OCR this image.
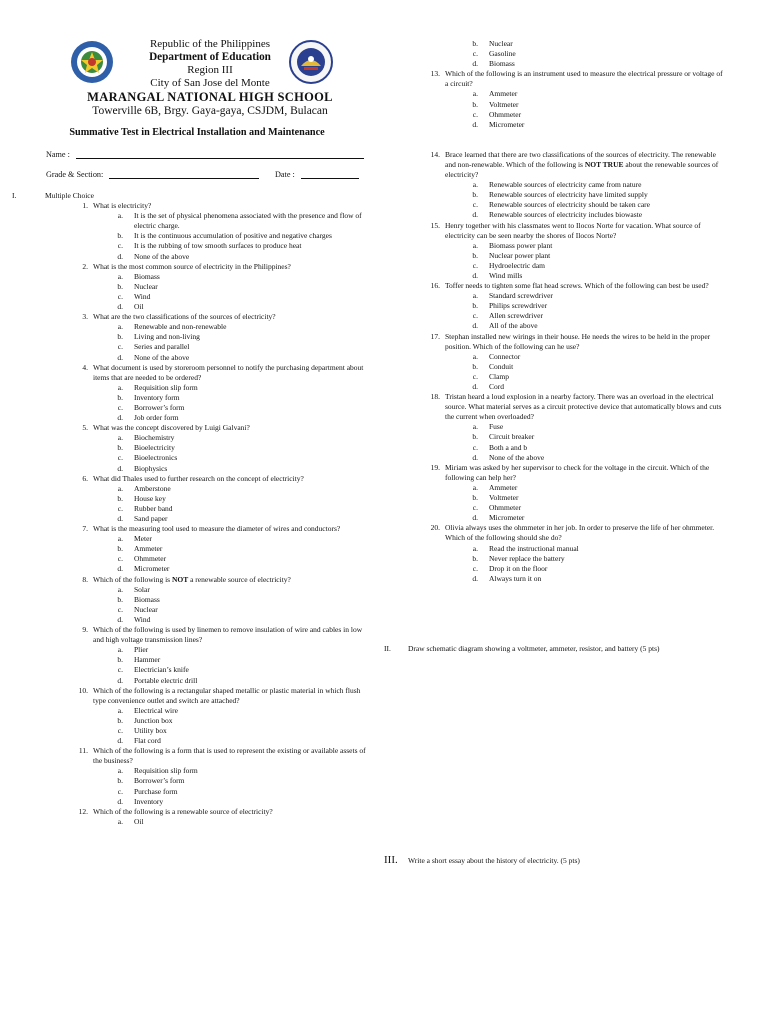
Republic of the Philippines
Department of Education
Region III
City of San Jose del Monte
MARANGAL NATIONAL HIGH SCHOOL
Towerville 6B, Brgy. Gaya-gaya, CSJDM, Bulacan
Summative Test in Electrical Installation and Maintenance
Name :
Grade & Section:	Date :
I.	Multiple Choice
1. What is electricity?
a.	It is the set of physical phenomena associated with the presence and flow of electric charge.
b.	It is the continuous accumulation of positive and negative charges
c.	It is the rubbing of tow smooth surfaces to produce heat
d.	None of the above
2. What is the most common source of electricity in the Philippines?
a.	Biomass
b.	Nuclear
c.	Wind
d.	Oil
3. What are the two classifications of the sources of electricity?
a.	Renewable and non-renewable
b.	Living and non-living
c.	Series and parallel
d.	None of the above
4. What document is used by storeroom personnel to notify the purchasing department about items that are needed to be ordered?
a.	Requisition slip form
b.	Inventory form
c.	Borrower’s form
d.	Job order form
5. What was the concept discovered by Luigi Galvani?
a.	Biochemistry
b.	Bioelectricity
c.	Bioelectronics
d.	Biophysics
6. What did Thales used to further research on the concept of electricity?
a.	Amberstone
b.	House key
c.	Rubber band
d.	Sand paper
7. What is the measuring tool used to measure the diameter of wires and conductors?
a.	Meter
b.	Ammeter
c.	Ohmmeter
d.	Micrometer
8. Which of the following is NOT a renewable source of electricity?
a.	Solar
b.	Biomass
c.	Nuclear
d.	Wind
9. Which of the following is used by linemen to remove insulation of wire and cables in low and high voltage transmission lines?
a.	Plier
b.	Hammer
c.	Electrician’s knife
d.	Portable electric drill
10. Which of the following is a rectangular shaped metallic or plastic material in which flush type convenience outlet and switch are attached?
a.	Electrical wire
b.	Junction box
c.	Utility box
d.	Flat cord
11. Which of the following is a form that is used to represent the existing or available assets of the business?
a.	Requisition slip form
b.	Borrower’s form
c.	Purchase form
d.	Inventory
12. Which of the following is a renewable source of electricity?
a.	Oil
b.	Nuclear
c.	Gasoline
d.	Biomass
13. Which of the following is an instrument used to measure the electrical pressure or voltage of a circuit?
a.	Ammeter
b.	Voltmeter
c.	Ohmmeter
d.	Micrometer
14. Brace learned that there are two classifications of the sources of electricity. The renewable and non-renewable. Which of the following is NOT TRUE about the renewable sources of electricity?
a.	Renewable sources of electricity came from nature
b.	Renewable sources of electricity have limited supply
c.	Renewable sources of electricity should be taken care
d.	Renewable sources of electricity includes biowaste
15. Henry together with his classmates went to Ilocos Norte for vacation. What source of electricity can be seen nearby the shores of Ilocos Norte?
a.	Biomass power plant
b.	Nuclear power plant
c.	Hydroelectric dam
d.	Wind mills
16. Toffer needs to tighten some flat head screws. Which of the following can best be used?
a.	Standard screwdriver
b.	Philips screwdriver
c.	Allen screwdriver
d.	All of the above
17. Stephan installed new wirings in their house. He needs the wires to be held in the proper position. Which of the following can he use?
a.	Connector
b.	Conduit
c.	Clamp
d.	Cord
18. Tristan heard a loud explosion in a nearby factory. There was an overload in the electrical source. What material serves as a circuit protective device that automatically blows and cuts the current when overloaded?
a.	Fuse
b.	Circuit breaker
c.	Both a and b
d.	None of the above
19. Miriam was asked by her supervisor to check for the voltage in the circuit. Which of the following can help her?
a.	Ammeter
b.	Voltmeter
c.	Ohmmeter
d.	Micrometer
20. Olivia always uses the ohmmeter in her job. In order to preserve the life of her ohmmeter. Which of the following should she do?
a.	Read the instructional manual
b.	Never replace the battery
c.	Drop it on the floor
d.	Always turn it on
II.	Draw schematic diagram showing a voltmeter, ammeter, resistor, and battery (5 pts)
III.	Write a short essay about the history of electricity. (5 pts)
